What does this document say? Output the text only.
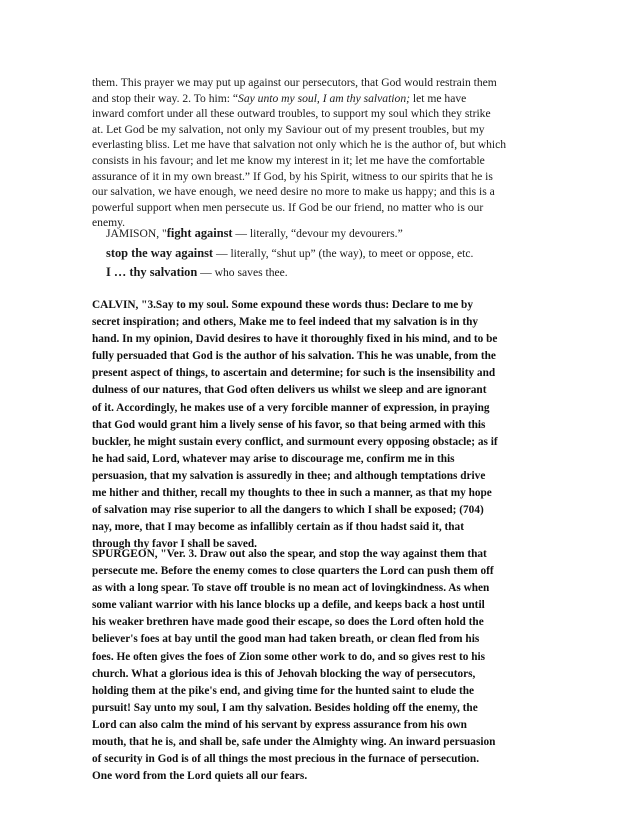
them. This prayer we may put up against our persecutors, that God would restrain them
and stop their way. 2. To him: “Say unto my soul, I am thy salvation; let me have
inward comfort under all these outward troubles, to support my soul which they strike
at. Let God be my salvation, not only my Saviour out of my present troubles, but my
everlasting bliss. Let me have that salvation not only which he is the author of, but which
consists in his favour; and let me know my interest in it; let me have the comfortable
assurance of it in my own breast.” If God, by his Spirit, witness to our spirits that he is
our salvation, we have enough, we need desire no more to make us happy; and this is a
powerful support when men persecute us. If God be our friend, no matter who is our
enemy.
JAMISON, "fight against — literally, “devour my devourers.”
stop the way against — literally, “shut up” (the way), to meet or oppose, etc.
I … thy salvation — who saves thee.
CALVIN, "3.Say to my soul. Some expound these words thus: Declare to me by
secret inspiration; and others, Make me to feel indeed that my salvation is in thy
hand. In my opinion, David desires to have it thoroughly fixed in his mind, and to be
fully persuaded that God is the author of his salvation. This he was unable, from the
present aspect of things, to ascertain and determine; for such is the insensibility and
dulness of our natures, that God often delivers us whilst we sleep and are ignorant
of it. Accordingly, he makes use of a very forcible manner of expression, in praying
that God would grant him a lively sense of his favor, so that being armed with this
buckler, he might sustain every conflict, and surmount every opposing obstacle; as if
he had said, Lord, whatever may arise to discourage me, confirm me in this
persuasion, that my salvation is assuredly in thee; and although temptations drive
me hither and thither, recall my thoughts to thee in such a manner, as that my hope
of salvation may rise superior to all the dangers to which I shall be exposed; (704)
nay, more, that I may become as infallibly certain as if thou hadst said it, that
through thy favor I shall be saved.
SPURGEON, "Ver. 3. Draw out also the spear, and stop the way against them that
persecute me. Before the enemy comes to close quarters the Lord can push them off
as with a long spear. To stave off trouble is no mean act of lovingkindness. As when
some valiant warrior with his lance blocks up a defile, and keeps back a host until
his weaker brethren have made good their escape, so does the Lord often hold the
believer's foes at bay until the good man had taken breath, or clean fled from his
foes. He often gives the foes of Zion some other work to do, and so gives rest to his
church. What a glorious idea is this of Jehovah blocking the way of persecutors,
holding them at the pike's end, and giving time for the hunted saint to elude the
pursuit! Say unto my soul, I am thy salvation. Besides holding off the enemy, the
Lord can also calm the mind of his servant by express assurance from his own
mouth, that he is, and shall be, safe under the Almighty wing. An inward persuasion
of security in God is of all things the most precious in the furnace of persecution.
One word from the Lord quiets all our fears.
